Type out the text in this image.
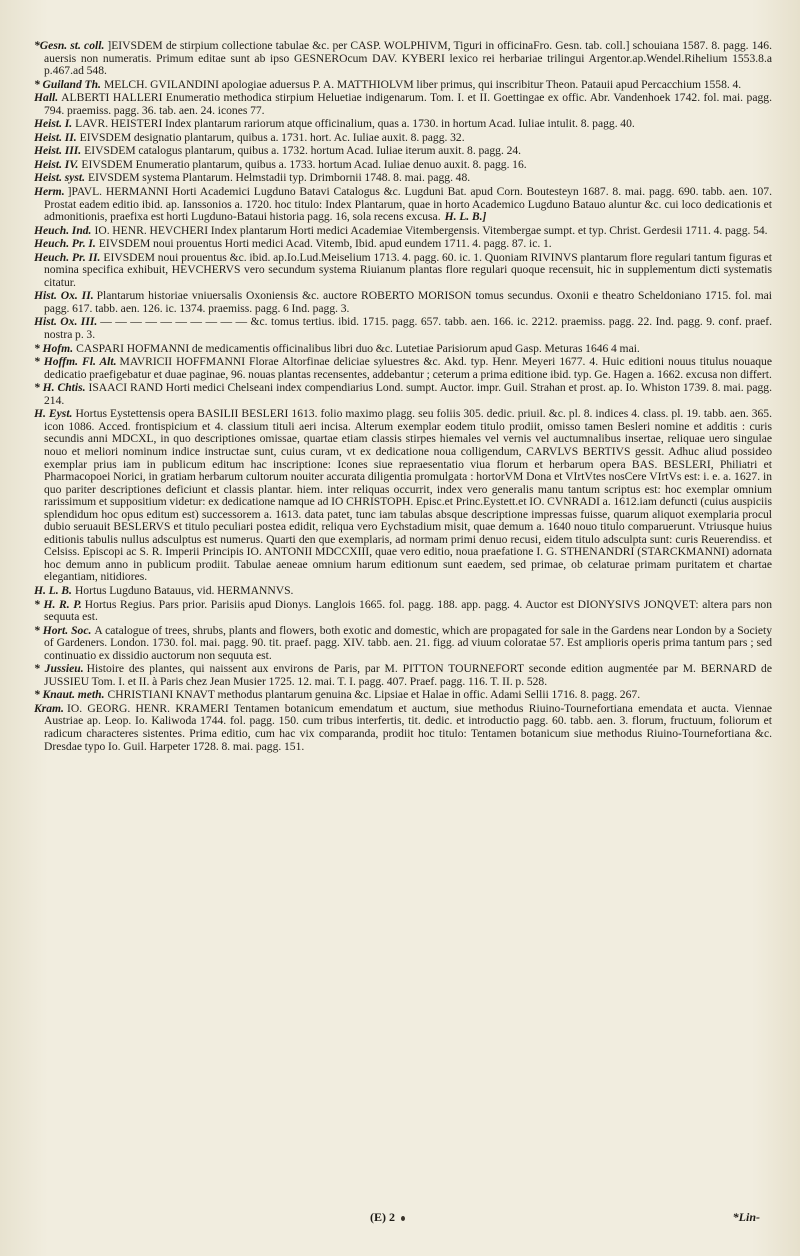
*Gesn. st. coll. ]EIVSDEM de stirpium collectione tabulae &c. per CASP. WOLPHIVM, Tiguri in officinaFro. Gesn. tab. coll.] schouiana 1587. 8. pagg. 146. auersis non numeratis. Primum editae sunt ab ipso GESNEROcum DAV. KYBERI lexico rei herbariae trilingui Argentor.ap.Wendel.Rihelium 1553.8.a p.467.ad 548.

* Guiland Th. MELCH. GVILANDINI apologiae aduersus P. A. MATTHIOLVM liber primus, qui inscribitur Theon. Patauii apud Percacchium 1558. 4.

Hall. ALBERTI HALLERI Enumeratio methodica stirpium Heluetiae indigenarum. Tom. I. et II. Goettingae ex offic. Abr. Vandenhoek 1742. fol. mai. pagg. 794. praemiss. pagg. 36. tab. aen. 24. icones 77.

Heist. I. LAVR. HEISTERI Index plantarum rariorum atque officinalium, quas a. 1730. in hortum Acad. Iuliae intulit. 8. pagg. 40.

Heist. II. EIVSDEM designatio plantarum, quibus a. 1731. hort. Ac. Iuliae auxit. 8. pagg. 32.

Heist. III. EIVSDEM catalogus plantarum, quibus a. 1732. hortum Acad. Iuliae iterum auxit. 8. pagg. 24.

Heist. IV. EIVSDEM Enumeratio plantarum, quibus a. 1733. hortum Acad. Iuliae denuo auxit. 8. pagg. 16.

Heist. syst. EIVSDEM systema Plantarum. Helmstadii typ. Drimbornii 1748. 8. mai. pagg. 48.

Herm. ]PAVL. HERMANNI Horti Academici Lugduno Batavi Catalogus &c. Lugduni Bat. apud Corn. Boutesteyn 1687. 8. mai. pagg. 690. tabb. aen. 107. Prostat eadem editio ibid. ap. Ianssonios a. 1720. hoc titulo: Index Plantarum, quae in horto Academico Lugduno Batauo aluntur &c. cui loco dedicationis et admonitionis, praefixa est horti Lugduno-Bataui historia pagg. 16, sola recens excusa. H. L. B.]

Heuch. Ind. IO. HENR. HEVCHERI Index plantarum Horti medici Academiae Vitembergensis. Vitembergae sumpt. et typ. Christ. Gerdesii 1711. 4. pagg. 54.

Heuch. Pr. I. EIVSDEM noui prouentus Horti medici Acad. Vitemb, Ibid. apud eundem 1711. 4. pagg. 87. ic. 1.

Heuch. Pr. II. EIVSDEM noui prouentus &c. ibid. ap.Io.Lud.Meiselium 1713. 4. pagg. 60. ic. 1. Quoniam RIVINVS plantarum flore regulari tantum figuras et nomina specifica exhibuit, HEVCHERVS vero secundum systema Riuianum plantas flore regulari quoque recensuit, hic in supplementum dicti systematis citatur.

Hist. Ox. II. Plantarum historiae vniuersalis Oxoniensis &c. auctore ROBERTO MORISON tomus secundus. Oxonii e theatro Scheldoniano 1715. fol. mai pagg. 617. tabb. aen. 126. ic. 1374. praemiss. pagg. 6 Ind. pagg. 3.

Hist. Ox. III. — — — — — — — — — — &c. tomus tertius. ibid. 1715. pagg. 657. tabb. aen. 166. ic. 2212. praemiss. pagg. 22. Ind. pagg. 9. conf. praef. nostra p. 3.

* Hofm. CASPARI HOFMANNI de medicamentis officinalibus libri duo &c. Lutetiae Parisiorum apud Gasp. Meturas 1646 4 mai.

* Hoffm. Fl. Alt. MAVRICII HOFFMANNI Florae Altorfinae deliciae syluestres &c. Akd. typ. Henr. Meyeri 1677. 4. Huic editioni nouus titulus nouaque dedicatio praefigebatur et duae paginae, 96. nouas plantas recensentes, addebantur ; ceterum a prima editione ibid. typ. Ge. Hagen a. 1662. excusa non differt.

* H. Chtis. ISAACI RAND Horti medici Chelseani index compendiarius Lond. sumpt. Auctor. impr. Guil. Strahan et prost. ap. Io. Whiston 1739. 8. mai. pagg. 214.

H. Eyst. Hortus Eystettensis opera BASILII BESLERI 1613. folio maximo plagg. seu foliis 305. dedic. priuil. &c. pl. 8. indices 4. class. pl. 19. tabb. aen. 365. icon 1086. Acced. frontispicium et 4. classium tituli aeri incisa. Alterum exemplar eodem titulo prodiit, omisso tamen Besleri nomine et additis : curis secundis anni MDCXL, in quo descriptiones omissae, quartae etiam classis stirpes hiemales vel vernis vel auctumnalibus insertae, reliquae uero singulae nouo et meliori nominum indice instructae sunt, cuius curam, vt ex dedicatione noua colligendum, CARVLVS BERTIVS gessit. Adhuc aliud possideo exemplar prius iam in publicum editum hac inscriptione: Icones siue repraesentatio viua florum et herbarum opera BAS. BESLERI, Philiatri et Pharmacopoei Norici, in gratiam herbarum cultorum nouiter accurata diligentia promulgata : hortorVM Dona et VIrtVtes nosCere VIrtVs est: i. e. a. 1627. in quo pariter descriptiones deficiunt et classis plantar. hiem. inter reliquas occurrit, index vero generalis manu tantum scriptus est: hoc exemplar omnium rarissimum et suppositium videtur: ex dedicatione namque ad IO CHRISTOPH. Episc.et Princ.Eystett.et IO. CVNRADI a. 1612.iam defuncti (cuius auspiciis splendidum hoc opus editum est) successorem a. 1613. data patet, tunc iam tabulas absque descriptione impressas fuisse, quarum aliquot exemplaria procul dubio seruauit BESLERVS et titulo peculiari postea edidit, reliqua vero Eychstadium misit, quae demum a. 1640 nouo titulo comparuerunt. Vtriusque huius editionis tabulis nullus adsculptus est numerus. Quarti den que exemplaris, ad normam primi denuo recusi, eidem titulo adsculpta sunt: curis Reuerendiss. et Celsiss. Episcopi ac S. R. Imperii Principis IO. ANTONII MDCCXIII, quae vero editio, noua praefatione I. G. STHENANDRI (STARCKMANNI) adornata hoc demum anno in publicum prodiit. Tabulae aeneae omnium harum editionum sunt eaedem, sed primae, ob celaturae primam puritatem et chartae elegantiam, nitidiores.

H. L. B. Hortus Lugduno Batauus, vid. HERMANNVS.

* H. R. P. Hortus Regius. Pars prior. Parisiis apud Dionys. Langlois 1665. fol. pagg. 188. app. pagg. 4. Auctor est DIONYSIVS JONQVET: altera pars non sequuta est.

* Hort. Soc. A catalogue of trees, shrubs, plants and flowers, both exotic and domestic, which are propagated for sale in the Gardens near London by a Society of Gardeners. London. 1730. fol. mai. pagg. 90. tit. praef. pagg. XIV. tabb. aen. 21. figg. ad viuum coloratae 57. Est amplioris operis prima tantum pars ; sed continuatio ex dissidio auctorum non sequuta est.

* Jussieu. Histoire des plantes, qui naissent aux environs de Paris, par M. PITTON TOURNEFORT seconde edition augmentée par M. BERNARD de JUSSIEU Tom. I. et II. à Paris chez Jean Musier 1725. 12. mai. T. I. pagg. 407. Praef. pagg. 116. T. II. p. 528.

* Knaut. meth. CHRISTIANI KNAVT methodus plantarum genuina &c. Lipsiae et Halae in offic. Adami Sellii 1716. 8. pagg. 267.

Kram. IO. GEORG. HENR. KRAMERI Tentamen botanicum emendatum et auctum, siue methodus Riuino-Tournefortiana emendata et aucta. Viennae Austriae ap. Leop. Io. Kaliwoda 1744. fol. pagg. 150. cum tribus interfertis, tit. dedic. et introductio pagg. 60. tabb. aen. 3. florum, fructuum, foliorum et radicum characteres sistentes. Prima editio, cum hac vix comparanda, prodiit hoc titulo: Tentamen botanicum siue methodus Riuino-Tournefortiana &c. Dresdae typo Io. Guil. Harpeter 1728. 8. mai. pagg. 151.

(E) 2	*Lin-
